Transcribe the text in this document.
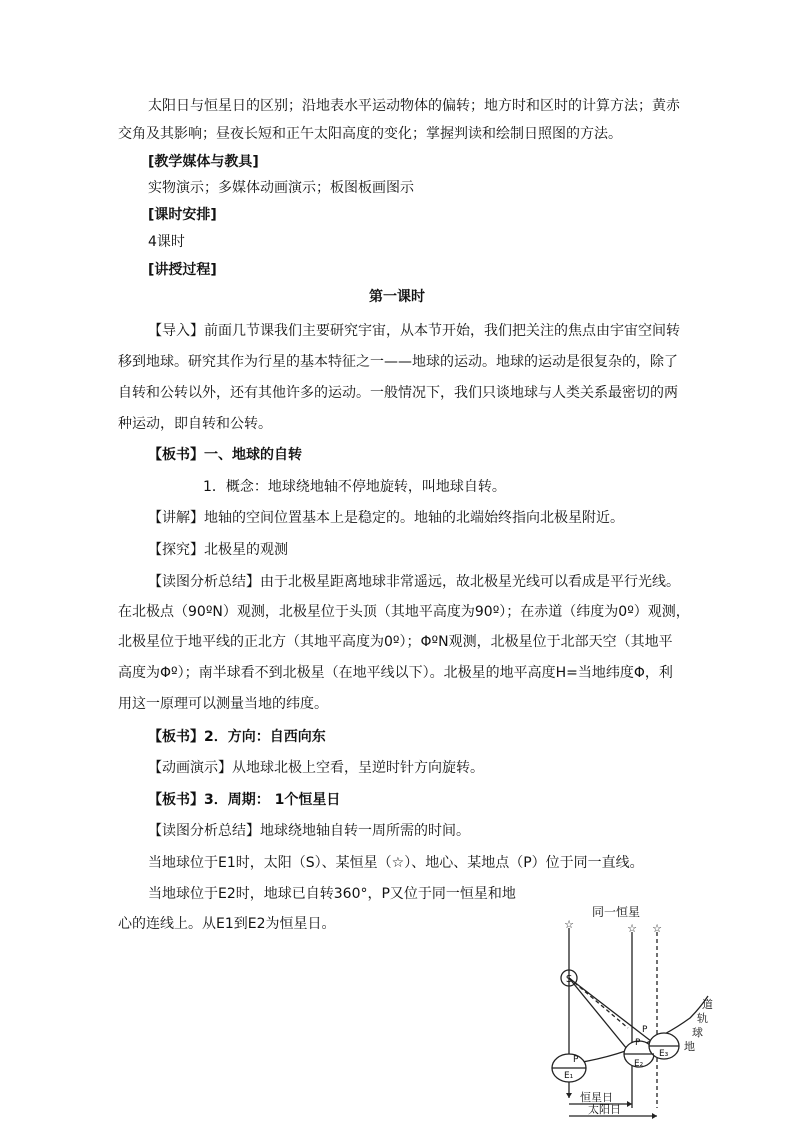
太阳日与恒星日的区别；沿地表水平运动物体的偏转；地方时和区时的计算方法；黄赤
交角及其影响；昼夜长短和正午太阳高度的变化；掌握判读和绘制日照图的方法。
[教学媒体与教具]
实物演示；多媒体动画演示；板图板画图示
[课时安排]
4课时
[讲授过程]
第一课时
【导入】前面几节课我们主要研究宇宙，从本节开始，我们把关注的焦点由宇宙空间转
移到地球。研究其作为行星的基本特征之一——地球的运动。地球的运动是很复杂的，除了
自转和公转以外，还有其他许多的运动。一般情况下，我们只谈地球与人类关系最密切的两
种运动，即自转和公转。
【板书】一、地球的自转
1．概念：地球绕地轴不停地旋转，叫地球自转。
【讲解】地轴的空间位置基本上是稳定的。地轴的北端始终指向北极星附近。
【探究】北极星的观测
【读图分析总结】由于北极星距离地球非常遥远，故北极星光线可以看成是平行光线。
在北极点（90ºN）观测，北极星位于头顶（其地平高度为90º）；在赤道（纬度为0º）观测，
北极星位于地平线的正北方（其地平高度为0º）；ΦºN观测，北极星位于北部天空（其地平
高度为Φº）；南半球看不到北极星（在地平线以下）。北极星的地平高度H=当地纬度Φ，利
用这一原理可以测量当地的纬度。
【板书】2．方向：自西向东
【动画演示】从地球北极上空看，呈逆时针方向旋转。
【板书】3．周期： 1个恒星日
【读图分析总结】地球绕地轴自转一周所需的时间。
当地球位于E1时，太阳（S）、某恒星（☆）、地心、某地点（P）位于同一直线。
当地球位于E2时，地球已自转360°，P又位于同一恒星和地
心的连线上。从E1到E2为恒星日。	☆	☆ ☆
同一恒星
S
P
E₁
P
E₂
P
E₃
地
球
轨
道
恒星日
太阳日
